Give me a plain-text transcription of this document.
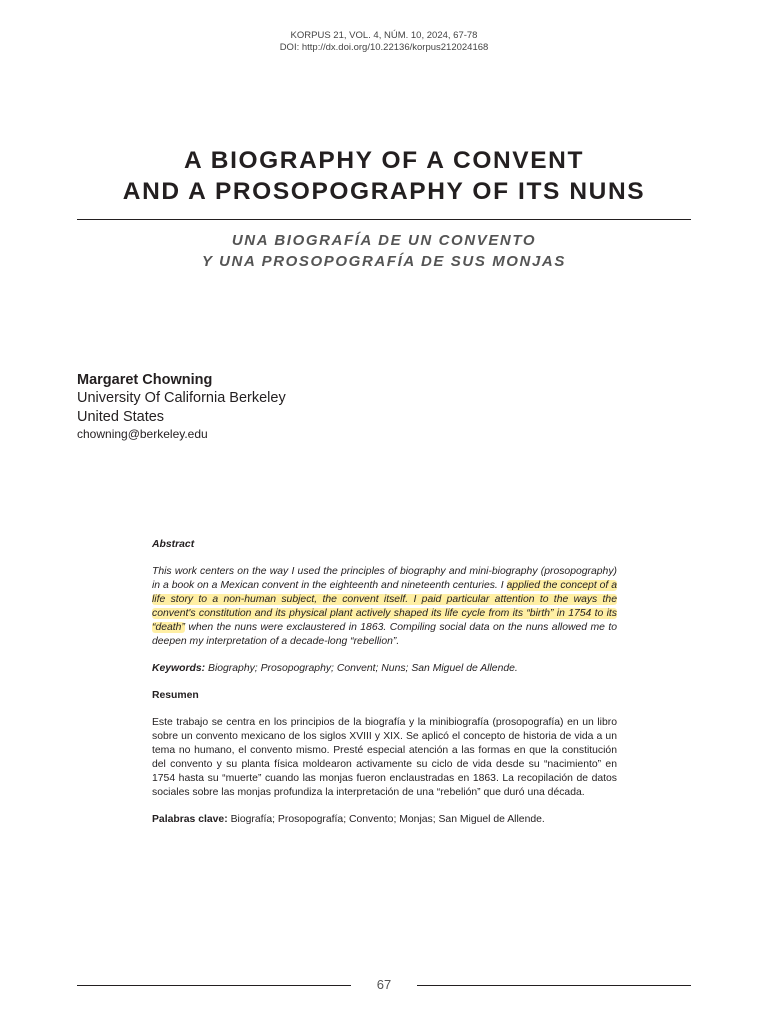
KORPUS 21, VOL. 4, NÚM. 10, 2024, 67-78
DOI: http://dx.doi.org/10.22136/korpus212024168
A BIOGRAPHY OF A CONVENT
AND A PROSOPOGRAPHY OF ITS NUNS
UNA BIOGRAFÍA DE UN CONVENTO
Y UNA PROSOPOGRAFÍA DE SUS MONJAS
Margaret Chowning
University Of California Berkeley
United States
chowning@berkeley.edu

Abstract

This work centers on the way I used the principles of biography and mini-biography (prosopography) in a book on a Mexican convent in the eighteenth and nineteenth centuries. I applied the concept of a life story to a non-human subject, the convent itself. I paid particular attention to the ways the convent's constitution and its physical plant actively shaped its life cycle from its “birth” in 1754 to its “death” when the nuns were exclaustered in 1863. Compiling social data on the nuns allowed me to deepen my interpretation of a decade-long “rebellion”.

Keywords: Biography; Prosopography; Convent; Nuns; San Miguel de Allende.

Resumen

Este trabajo se centra en los principios de la biografía y la minibiografía (prosopografía) en un libro sobre un convento mexicano de los siglos XVIII y XIX. Se aplicó el concepto de historia de vida a un tema no humano, el convento mismo. Presté especial atención a las formas en que la constitución del convento y su planta física moldearon activamente su ciclo de vida desde su “nacimiento” en 1754 hasta su “muerte” cuando las monjas fueron enclaustradas en 1863. La recopilación de datos sociales sobre las monjas profundiza la interpretación de una “rebelión” que duró una década.

Palabras clave: Biografía; Prosopografía; Convento; Monjas; San Miguel de Allende.

67
